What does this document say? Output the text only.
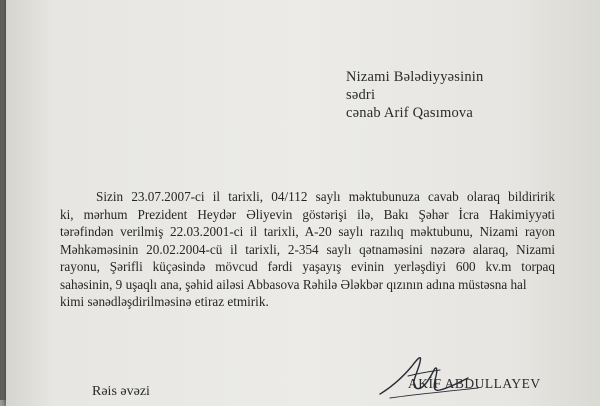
Nizami Bələdiyyəsinin
sədri
cənab Arif Qasımova
Sizin 23.07.2007-ci il tarixli, 04/112 saylı məktubunuza cavab olaraq bildiririk
ki, mərhum Prezident Heydər Əliyevin göstərişi ilə, Bakı Şəhər İcra Hakimiyyəti
tərəfindən verilmiş 22.03.2001-ci il tarixli, A-20 saylı razılıq məktubunu, Nizami rayon
Məhkəməsinin 20.02.2004-cü il tarixli, 2-354 saylı qətnaməsini nəzərə alaraq, Nizami
rayonu, Şərifli küçəsində mövcud fərdi yaşayış evinin yerləşdiyi 600 kv.m torpaq
sahəsinin, 9 uşaqlı ana, şəhid ailəsi Abbasova Rəhilə Ələkbər qızının adına müstəsna hal
kimi sənədləşdirilməsinə etiraz etmirik.
Rəis əvəzi
AKİF ABDULLAYEV
